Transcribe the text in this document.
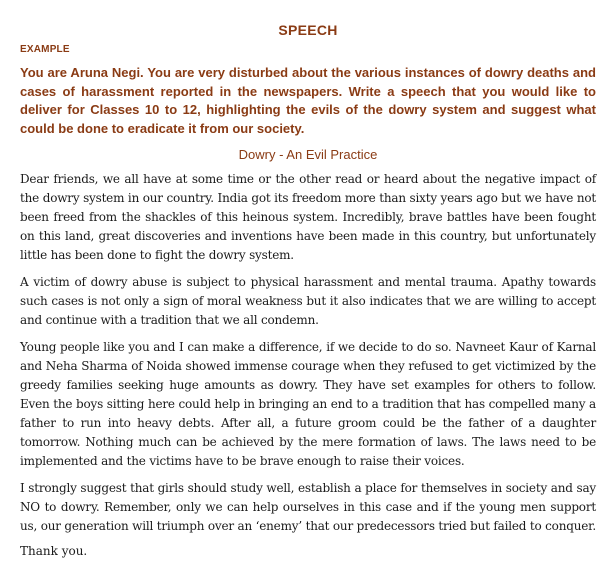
SPEECH
EXAMPLE

You are Aruna Negi. You are very disturbed about the various instances of dowry deaths and cases of harassment reported in the newspapers. Write a speech that you would like to deliver for Classes 10 to 12, highlighting the evils of the dowry system and suggest what could be done to eradicate it from our society.

Dowry - An Evil Practice

Dear friends, we all have at some time or the other read or heard about the negative impact of the dowry system in our country. India got its freedom more than sixty years ago but we have not been freed from the shackles of this heinous system. Incredibly, brave battles have been fought on this land, great discoveries and inventions have been made in this country, but unfortunately little has been done to fight the dowry system.

A victim of dowry abuse is subject to physical harassment and mental trauma. Apathy towards such cases is not only a sign of moral weakness but it also indicates that we are willing to accept and continue with a tradition that we all condemn.

Young people like you and I can make a difference, if we decide to do so. Navneet Kaur of Karnal and Neha Sharma of Noida showed immense courage when they refused to get victimized by the greedy families seeking huge amounts as dowry. They have set examples for others to follow. Even the boys sitting here could help in bringing an end to a tradition that has compelled many a father to run into heavy debts. After all, a future groom could be the father of a daughter tomorrow. Nothing much can be achieved by the mere formation of laws. The laws need to be implemented and the victims have to be brave enough to raise their voices.

I strongly suggest that girls should study well, establish a place for themselves in society and say NO to dowry. Remember, only we can help ourselves in this case and if the young men support us, our generation will triumph over an ‘enemy’ that our predecessors tried but failed to conquer.

Thank you.
